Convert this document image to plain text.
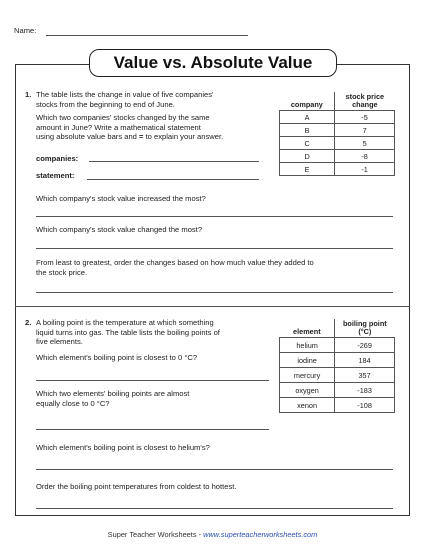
Name:
Value vs. Absolute Value
1. The table lists the change in value of five companies'
stocks from the beginning to end of June.
Which two companies' stocks changed by the same
amount in June? Write a mathematical statement
using absolute value bars and = to explain your answer.
companies:
statement:
company	stock price
change

A	-5
B	7
C	5
D	-8
E	-1
Which company's stock value increased the most?
Which company's stock value changed the most?
From least to greatest, order the changes based on how much value they added to
the stock price.
2. A boiling point is the temperature at which something
liquid turns into gas. The table lists the boiling points of
five elements.
Which element's boiling point is closest to 0 °C?
Which two elements' boiling points are almost
equally close to 0 °C?
element	boiling point
(°C)

helium	-269
iodine	184
mercury	357
oxygen	-183
xenon	-108
Which element's boiling point is closest to helium's?
Order the boiling point temperatures from coldest to hottest.
Super Teacher Worksheets - www.superteacherworksheets.com
